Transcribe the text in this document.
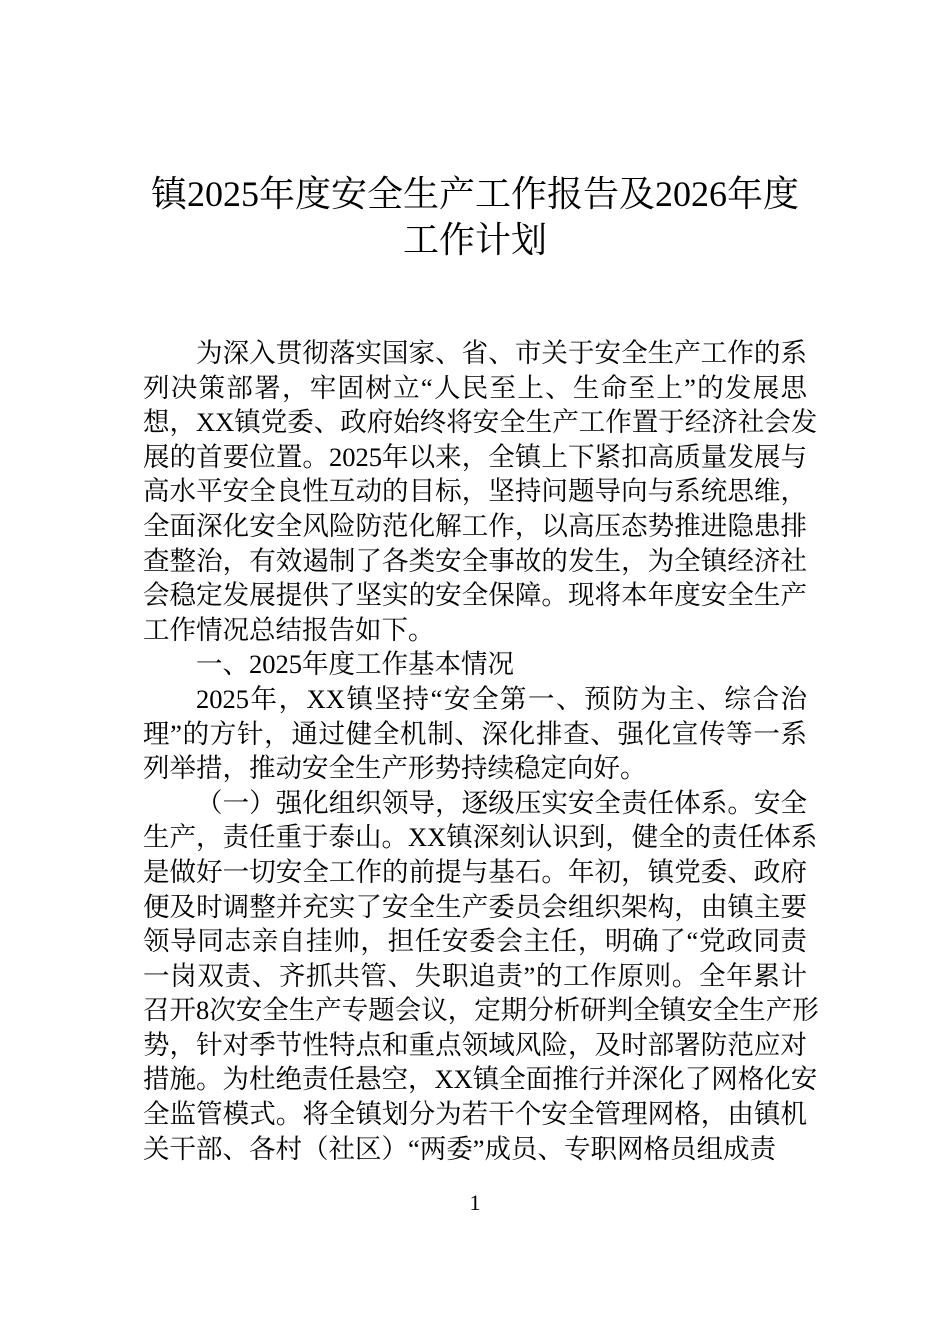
镇2025年度安全生产工作报告及2026年度
工作计划
为深入贯彻落实国家、省、市关于安全生产工作的系
列决策部署，牢固树立“人民至上、生命至上”的发展思
想，XX镇党委、政府始终将安全生产工作置于经济社会发
展的首要位置。2025年以来，全镇上下紧扣高质量发展与
高水平安全良性互动的目标，坚持问题导向与系统思维，
全面深化安全风险防范化解工作，以高压态势推进隐患排
查整治，有效遏制了各类安全事故的发生，为全镇经济社
会稳定发展提供了坚实的安全保障。现将本年度安全生产
工作情况总结报告如下。
一、2025年度工作基本情况
2025年，XX镇坚持“安全第一、预防为主、综合治
理”的方针，通过健全机制、深化排查、强化宣传等一系
列举措，推动安全生产形势持续稳定向好。
（一）强化组织领导，逐级压实安全责任体系。安全
生产，责任重于泰山。XX镇深刻认识到，健全的责任体系
是做好一切安全工作的前提与基石。年初，镇党委、政府
便及时调整并充实了安全生产委员会组织架构，由镇主要
领导同志亲自挂帅，担任安委会主任，明确了“党政同责
一岗双责、齐抓共管、失职追责”的工作原则。全年累计
召开8次安全生产专题会议，定期分析研判全镇安全生产形
势，针对季节性特点和重点领域风险，及时部署防范应对
措施。为杜绝责任悬空，XX镇全面推行并深化了网格化安
全监管模式。将全镇划分为若干个安全管理网格，由镇机
关干部、各村（社区）“两委”成员、专职网格员组成责
1
